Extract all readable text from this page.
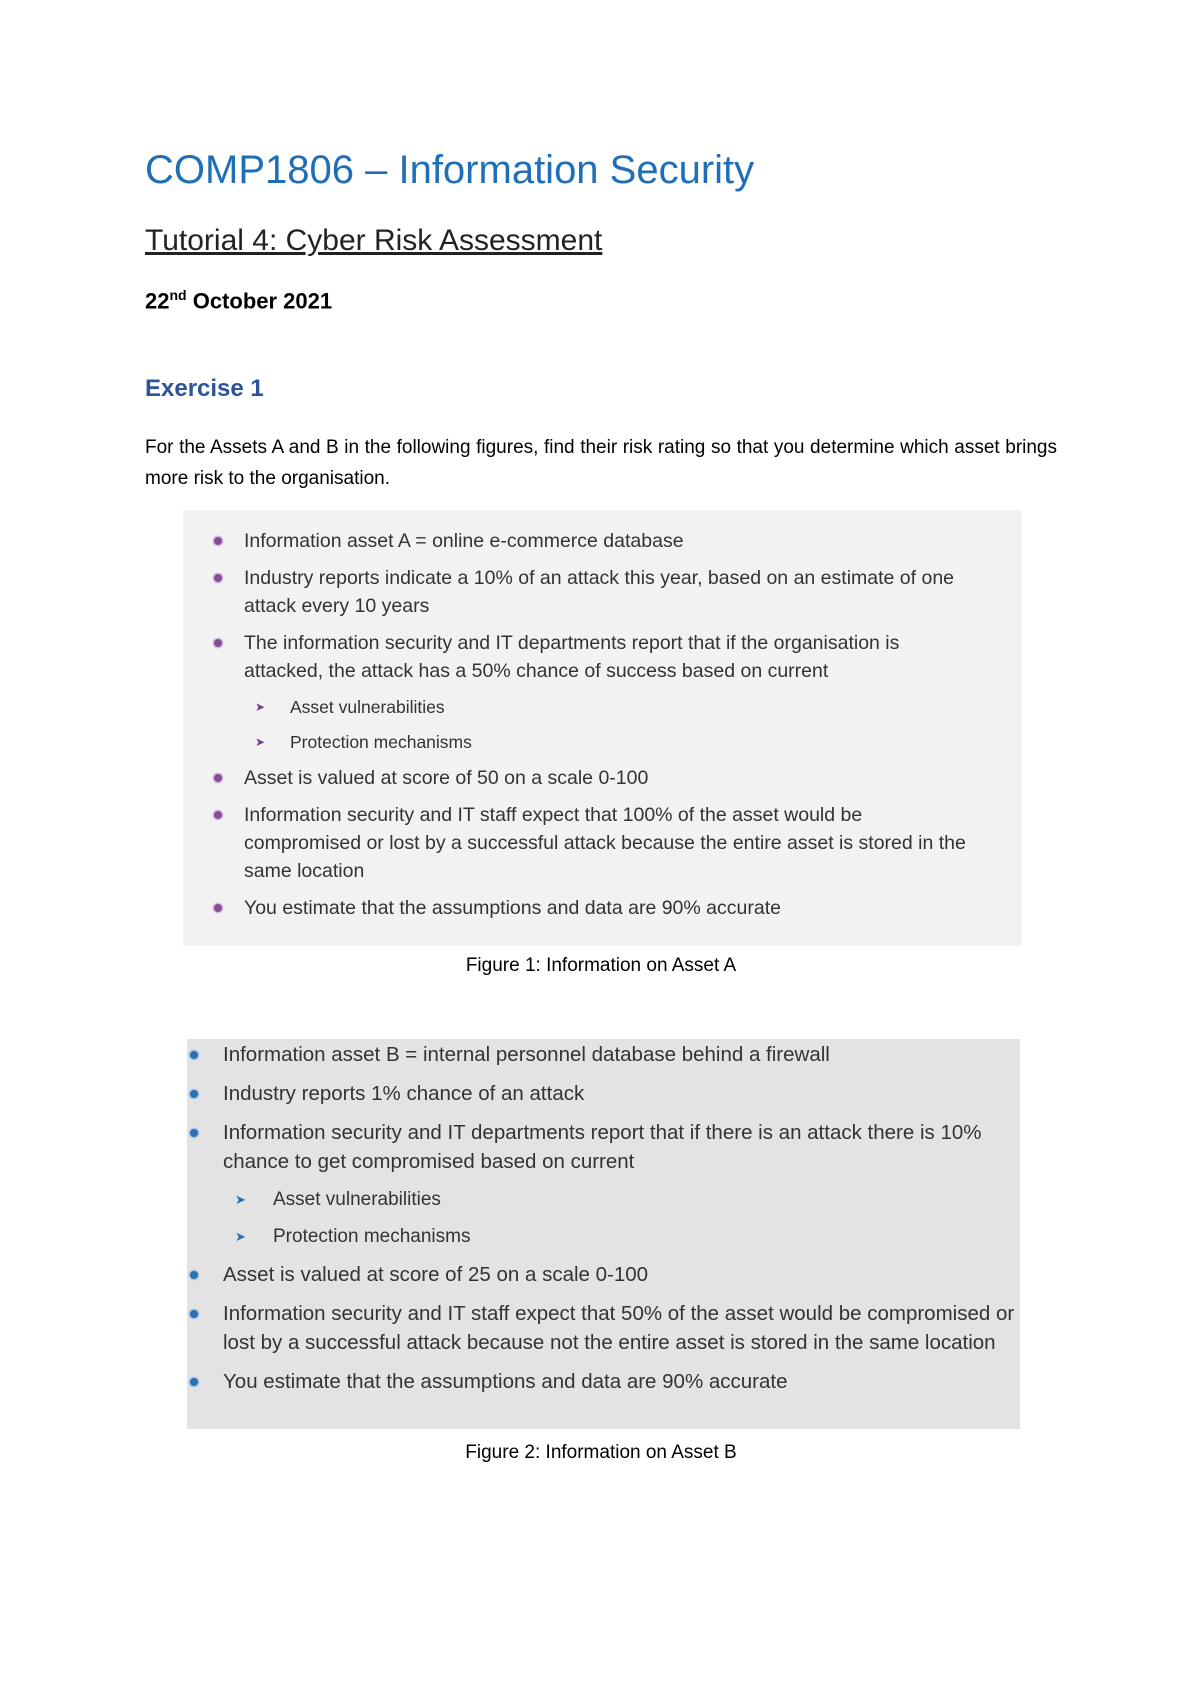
COMP1806 – Information Security
Tutorial 4: Cyber Risk Assessment
22nd October 2021
Exercise 1

For the Assets A and B in the following figures, find their risk rating so that you determine which asset brings more risk to the organisation.

Information asset A = online e-commerce database
Industry reports indicate a 10% of an attack this year, based on an estimate of one attack every 10 years
The information security and IT departments report that if the organisation is attacked, the attack has a 50% chance of success based on current
➤ Asset vulnerabilities
➤ Protection mechanisms
Asset is valued at score of 50 on a scale 0-100
Information security and IT staff expect that 100% of the asset would be compromised or lost by a successful attack because the entire asset is stored in the same location
You estimate that the assumptions and data are 90% accurate
Figure 1: Information on Asset A
Information asset B = internal personnel database behind a firewall
Industry reports 1% chance of an attack
Information security and IT departments report that if there is an attack there is 10% chance to get compromised based on current
➤ Asset vulnerabilities
➤ Protection mechanisms
Asset is valued at score of 25 on a scale 0-100
Information security and IT staff expect that 50% of the asset would be compromised or lost by a successful attack because not the entire asset is stored in the same location
You estimate that the assumptions and data are 90% accurate
Figure 2: Information on Asset B
